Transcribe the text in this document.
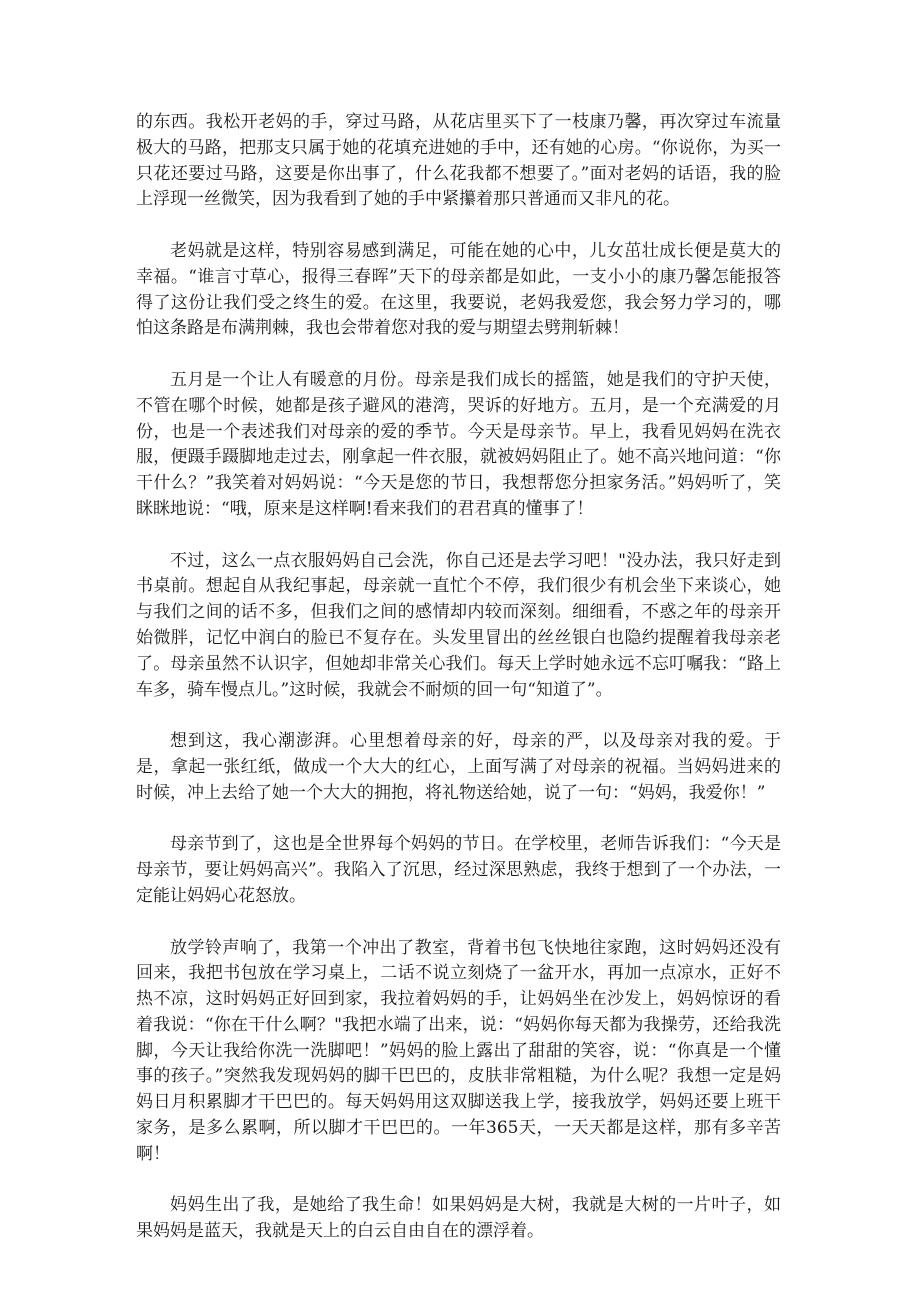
的东西。我松开老妈的手，穿过马路，从花店里买下了一枝康乃馨，再次穿过车流量极大的马路，把那支只属于她的花填充进她的手中，还有她的心房。“你说你，为买一只花还要过马路，这要是你出事了，什么花我都不想要了。”面对老妈的话语，我的脸上浮现一丝微笑，因为我看到了她的手中紧攥着那只普通而又非凡的花。

老妈就是这样，特别容易感到满足，可能在她的心中，儿女茁壮成长便是莫大的幸福。“谁言寸草心，报得三春晖”天下的母亲都是如此，一支小小的康乃馨怎能报答得了这份让我们受之终生的爱。在这里，我要说，老妈我爱您，我会努力学习的，哪怕这条路是布满荆棘，我也会带着您对我的爱与期望去劈荆斩棘！

五月是一个让人有暖意的月份。母亲是我们成长的摇篮，她是我们的守护天使，不管在哪个时候，她都是孩子避风的港湾，哭诉的好地方。五月，是一个充满爱的月份，也是一个表述我们对母亲的爱的季节。今天是母亲节。早上，我看见妈妈在洗衣服，便蹑手蹑脚地走过去，刚拿起一件衣服，就被妈妈阻止了。她不高兴地问道：“你干什么？”我笑着对妈妈说：“今天是您的节日，我想帮您分担家务活。”妈妈听了，笑眯眯地说：“哦，原来是这样啊!看来我们的君君真的懂事了！

不过，这么一点衣服妈妈自己会洗，你自己还是去学习吧！"没办法，我只好走到书桌前。想起自从我纪事起，母亲就一直忙个不停，我们很少有机会坐下来谈心，她与我们之间的话不多，但我们之间的感情却内较而深刻。细细看，不惑之年的母亲开始微胖，记忆中润白的脸已不复存在。头发里冒出的丝丝银白也隐约提醒着我母亲老了。母亲虽然不认识字，但她却非常关心我们。每天上学时她永远不忘叮嘱我：“路上车多，骑车慢点儿。”这时候，我就会不耐烦的回一句“知道了”。

想到这，我心潮澎湃。心里想着母亲的好，母亲的严，以及母亲对我的爱。于是，拿起一张红纸，做成一个大大的红心，上面写满了对母亲的祝福。当妈妈进来的时候，冲上去给了她一个大大的拥抱，将礼物送给她，说了一句：“妈妈，我爱你！”

母亲节到了，这也是全世界每个妈妈的节日。在学校里，老师告诉我们：“今天是母亲节，要让妈妈高兴”。我陷入了沉思，经过深思熟虑，我终于想到了一个办法，一定能让妈妈心花怒放。

放学铃声响了，我第一个冲出了教室，背着书包飞快地往家跑，这时妈妈还没有回来，我把书包放在学习桌上，二话不说立刻烧了一盆开水，再加一点凉水，正好不热不凉，这时妈妈正好回到家，我拉着妈妈的手，让妈妈坐在沙发上，妈妈惊讶的看着我说：“你在干什么啊？"我把水端了出来，说：“妈妈你每天都为我操劳，还给我洗脚，今天让我给你洗一洗脚吧！”妈妈的脸上露出了甜甜的笑容，说：“你真是一个懂事的孩子。”突然我发现妈妈的脚干巴巴的，皮肤非常粗糙，为什么呢？我想一定是妈妈日月积累脚才干巴巴的。每天妈妈用这双脚送我上学，接我放学，妈妈还要上班干家务，是多么累啊，所以脚才干巴巴的。一年365天，一天天都是这样，那有多辛苦啊！

妈妈生出了我，是她给了我生命！如果妈妈是大树，我就是大树的一片叶子，如果妈妈是蓝天，我就是天上的白云自由自在的漂浮着。
